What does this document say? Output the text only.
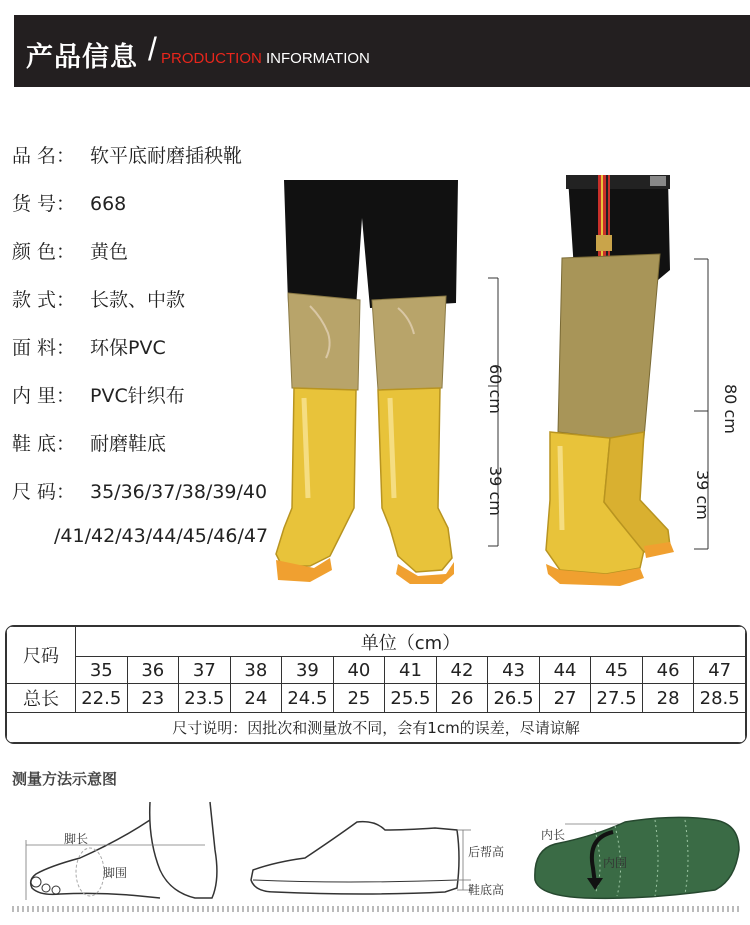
产品信息 / PRODUCTION INFORMATION
品 名： 软平底耐磨插秧靴
货 号： 668
颜 色： 黄色
款 式： 长款、中款
面 料： 环保PVC
内 里： PVC针织布
鞋 底： 耐磨鞋底
尺 码： 35/36/37/38/39/40
/41/42/43/44/45/46/47
60 cm
39 cm
80 cm
39 cm
尺码	单位（cm）												
	35	36	37	38	39	40	41	42	43	44	45	46	47
总长	22.5	23	23.5	24	24.5	25	25.5	26	26.5	27	27.5	28	28.5
尺寸说明：因批次和测量放不同，会有1cm的误差，尽请谅解													
测量方法示意图
脚长
脚围
后帮高
鞋底高
内长
内围
